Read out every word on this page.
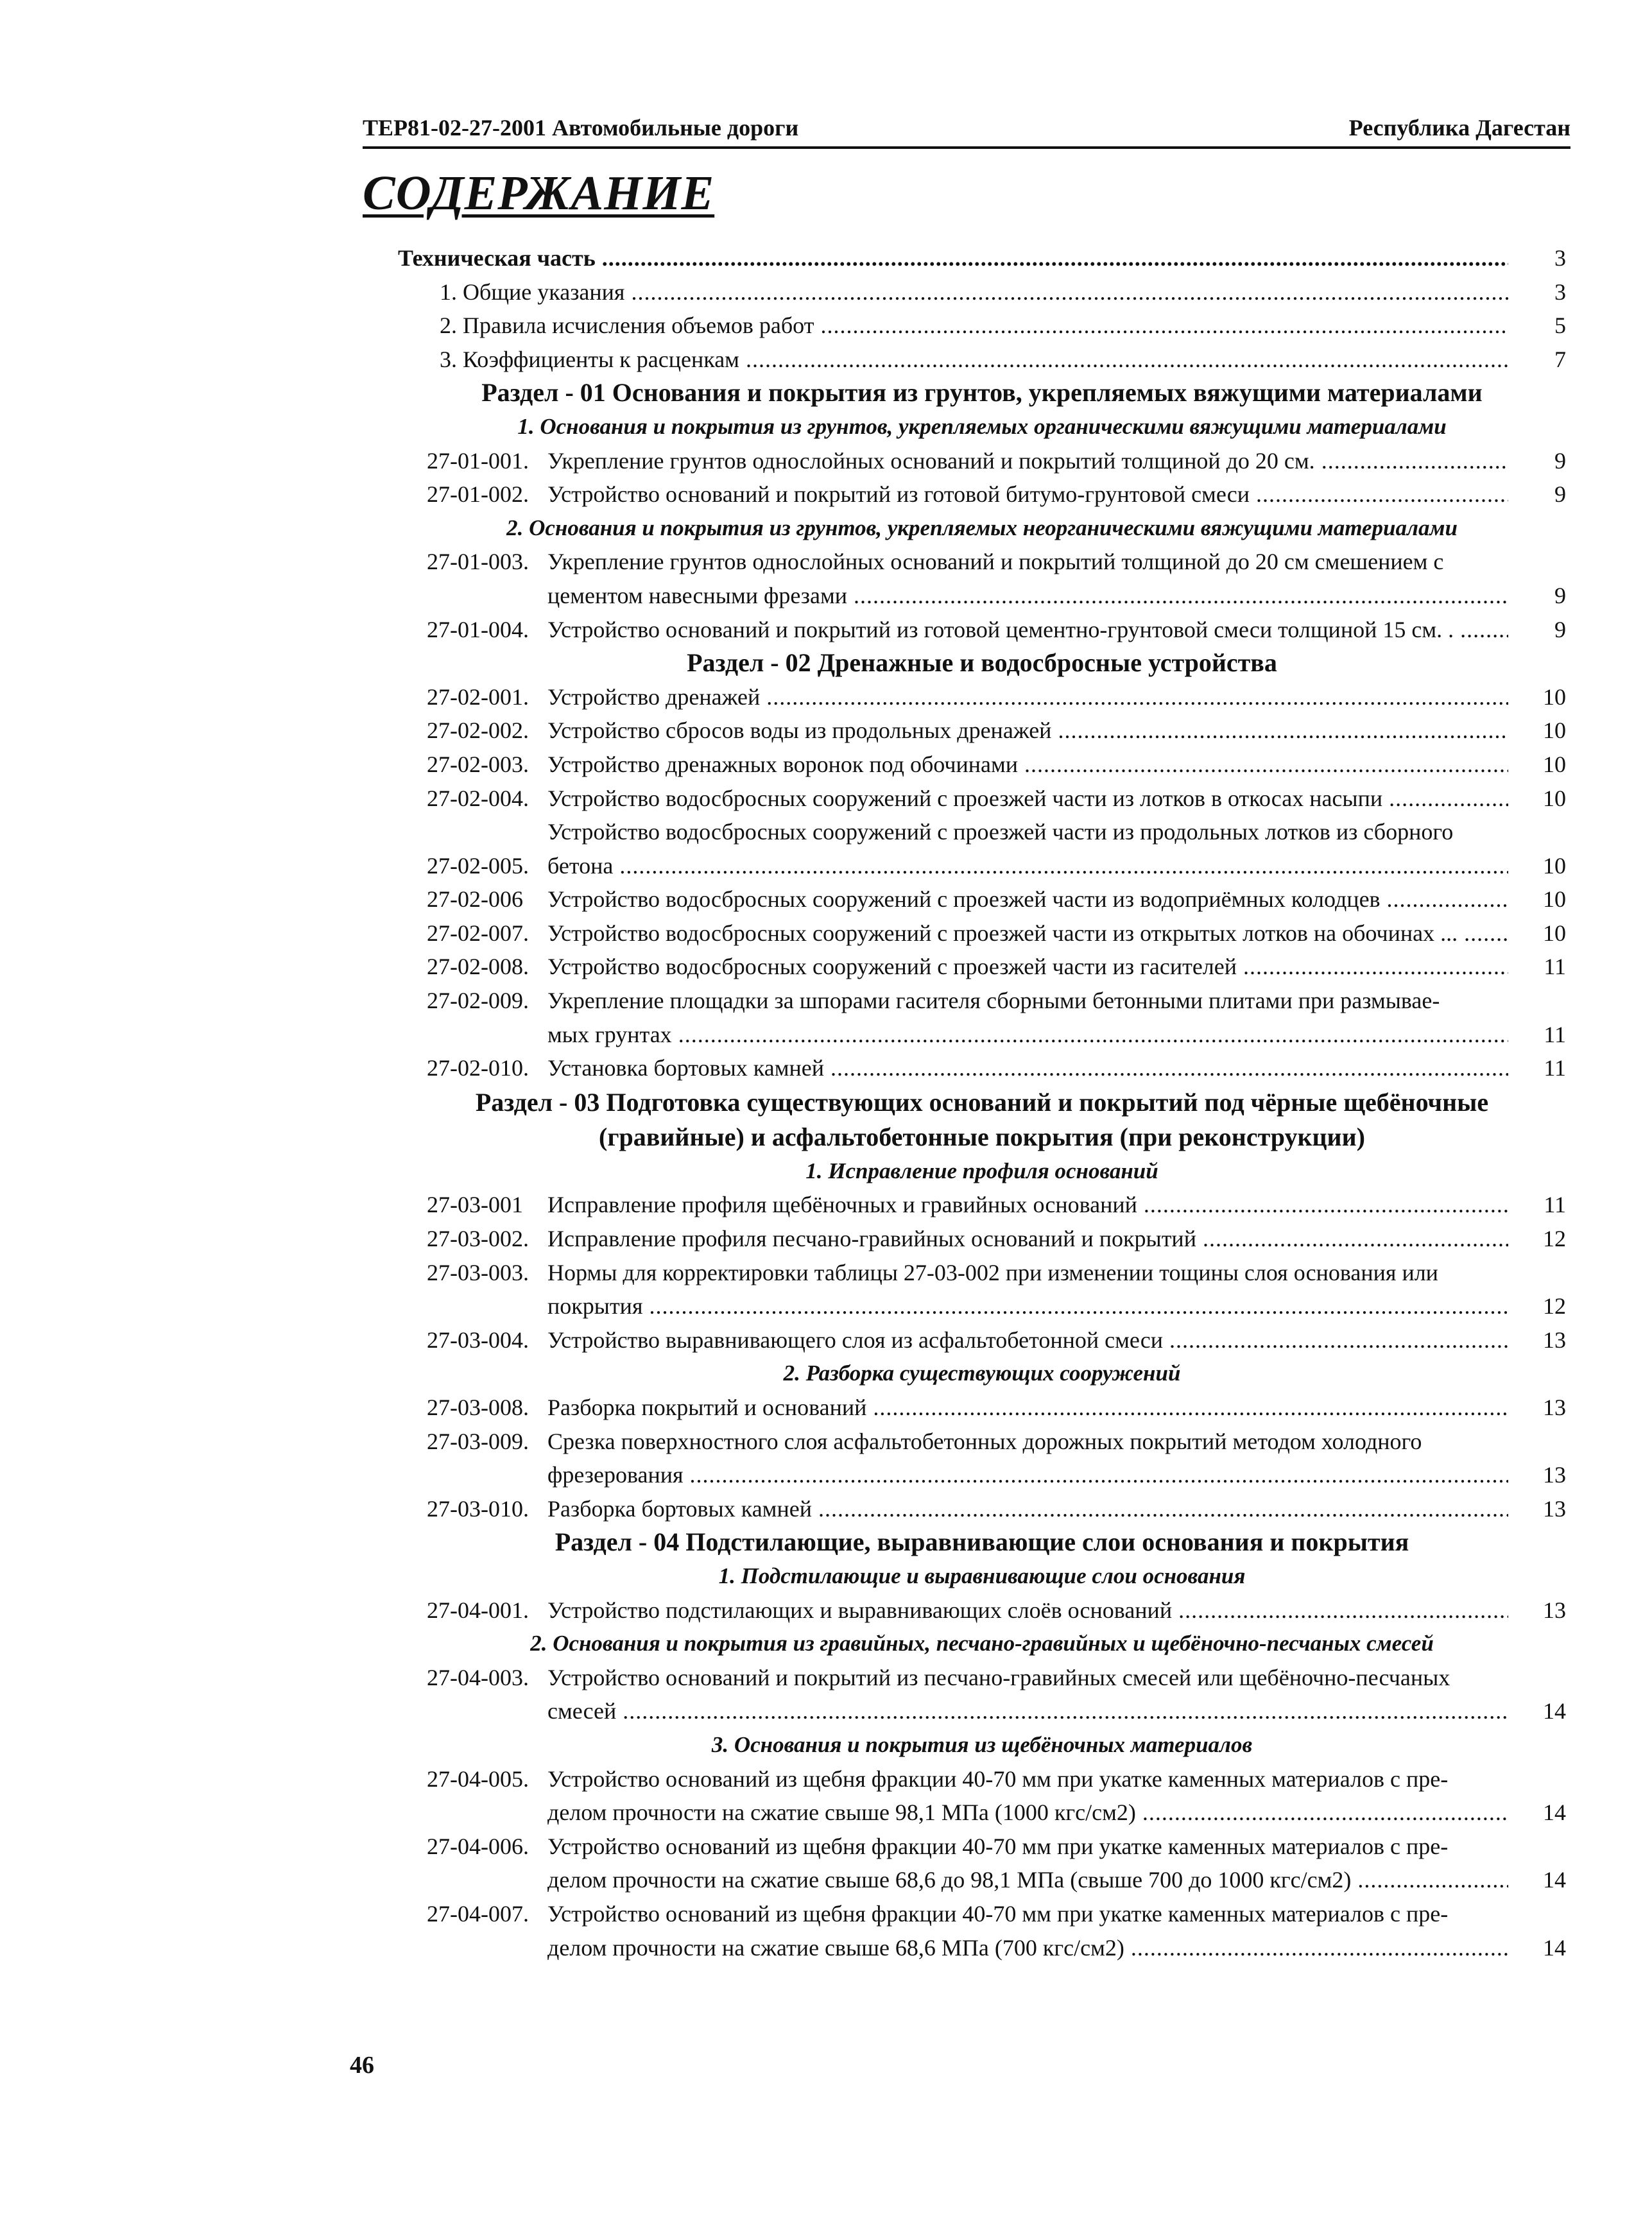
ТЕР81-02-27-2001 Автомобильные дороги	Республика Дагестан
СОДЕРЖАНИЕ
Техническая часть .....	3
1. Общие указания .....	3
2. Правила исчисления объемов работ .....	5
3. Коэффициенты к расценкам .....	7
Раздел - 01 Основания и покрытия из грунтов, укрепляемых вяжущими материалами
1. Основания и покрытия из грунтов, укрепляемых органическими вяжущими материалами
27-01-001. Укрепление грунтов однослойных оснований и покрытий толщиной до 20 см. .....	9
27-01-002. Устройство оснований и покрытий из готовой битумо-грунтовой смеси .....	9
2. Основания и покрытия из грунтов, укрепляемых неорганическими вяжущими материалами
27-01-003. Укрепление грунтов однослойных оснований и покрытий толщиной до 20 см смешением с
цементом навесными фрезами .....	9
27-01-004. Устройство оснований и покрытий из готовой цементно-грунтовой смеси толщиной 15 см. . .....	9
Раздел - 02 Дренажные и водосбросные устройства
27-02-001. Устройство дренажей .....	10
27-02-002. Устройство сбросов воды из продольных дренажей .....	10
27-02-003. Устройство дренажных воронок под обочинами .....	10
27-02-004. Устройство водосбросных сооружений с проезжей части из лотков в откосах насыпи .....	10
27-02-005.
Устройство водосбросных сооружений с проезжей части из продольных лотков из сборного
бетона .....	10
27-02-006 Устройство водосбросных сооружений с проезжей части из водоприёмных колодцев .....	10
27-02-007. Устройство водосбросных сооружений с проезжей части из открытых лотков на обочинах ... .....	10
27-02-008. Устройство водосбросных сооружений с проезжей части из гасителей .....	11
27-02-009. Укрепление площадки за шпорами гасителя сборными бетонными плитами при размывае-
мых грунтах .....	11
27-02-010. Установка бортовых камней .....	11
Раздел - 03 Подготовка существующих оснований и покрытий под чёрные щебёночные (гравийные) и асфальтобетонные покрытия (при реконструкции)
1. Исправление профиля оснований
27-03-001 Исправление профиля щебёночных и гравийных оснований .....	11
27-03-002. Исправление профиля песчано-гравийных оснований и покрытий .....	12
27-03-003. Нормы для корректировки таблицы 27-03-002 при изменении тощины слоя основания или
покрытия .....	12
27-03-004. Устройство выравнивающего слоя из асфальтобетонной смеси .....	13
2. Разборка существующих сооружений
27-03-008. Разборка покрытий и оснований .....	13
27-03-009. Срезка поверхностного слоя асфальтобетонных дорожных покрытий методом холодного
фрезерования .....	13
27-03-010. Разборка бортовых камней .....	13
Раздел - 04 Подстилающие, выравнивающие слои основания и покрытия
1. Подстилающие и выравнивающие слои основания
27-04-001. Устройство подстилающих и выравнивающих слоёв оснований .....	13
2. Основания и покрытия из гравийных, песчано-гравийных и щебёночно-песчаных смесей
27-04-003. Устройство оснований и покрытий из песчано-гравийных смесей или щебёночно-песчаных
смесей .....	14
3. Основания и покрытия из щебёночных материалов
27-04-005. Устройство оснований из щебня фракции 40-70 мм при укатке каменных материалов с пре-
делом прочности на сжатие свыше 98,1 МПа (1000 кгс/см2) .....	14
27-04-006. Устройство оснований из щебня фракции 40-70 мм при укатке каменных материалов с пре-
делом прочности на сжатие свыше 68,6 до 98,1 МПа (свыше 700 до 1000 кгс/см2) .....	14
27-04-007. Устройство оснований из щебня фракции 40-70 мм при укатке каменных материалов с пре-
делом прочности на сжатие свыше 68,6 МПа (700 кгс/см2) .....	14
46
